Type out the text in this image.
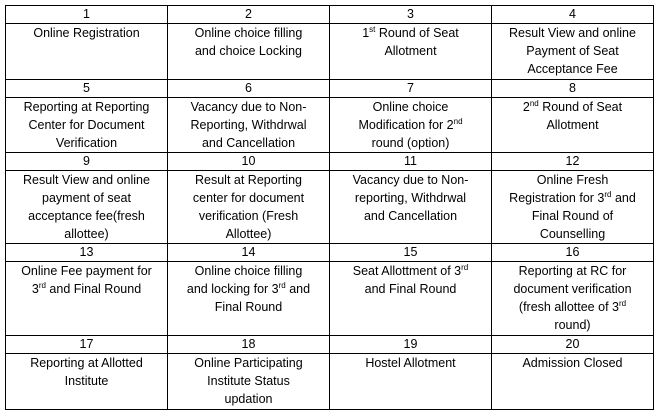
1	2	3	4

Online Registration	Online choice filling
and choice Locking	1st Round of Seat
Allotment	Result View and online
Payment of Seat
Acceptance Fee

5	6	7	8

Reporting at Reporting
Center for Document
Verification	Vacancy due to Non-
Reporting, Withdrwal
and Cancellation	Online choice
Modification for 2nd
round (option)	2nd Round of Seat
Allotment

9	10	11	12

Result View and online
payment of seat
acceptance fee(fresh
allottee)	Result at Reporting
center for document
verification (Fresh
Allottee)	Vacancy due to Non-
reporting, Withdrwal
and Cancellation	Online Fresh
Registration for 3rd and
Final Round of
Counselling

13	14	15	16

Online Fee payment for
3rd and Final Round	Online choice filling
and locking for 3rd and
Final Round	Seat Allottment of 3rd
and Final Round	Reporting at RC for
document verification
(fresh allottee of 3rd
round)

17	18	19	20

Reporting at Allotted
Institute	Online Participating
Institute Status
updation	Hostel Allotment	Admission Closed
